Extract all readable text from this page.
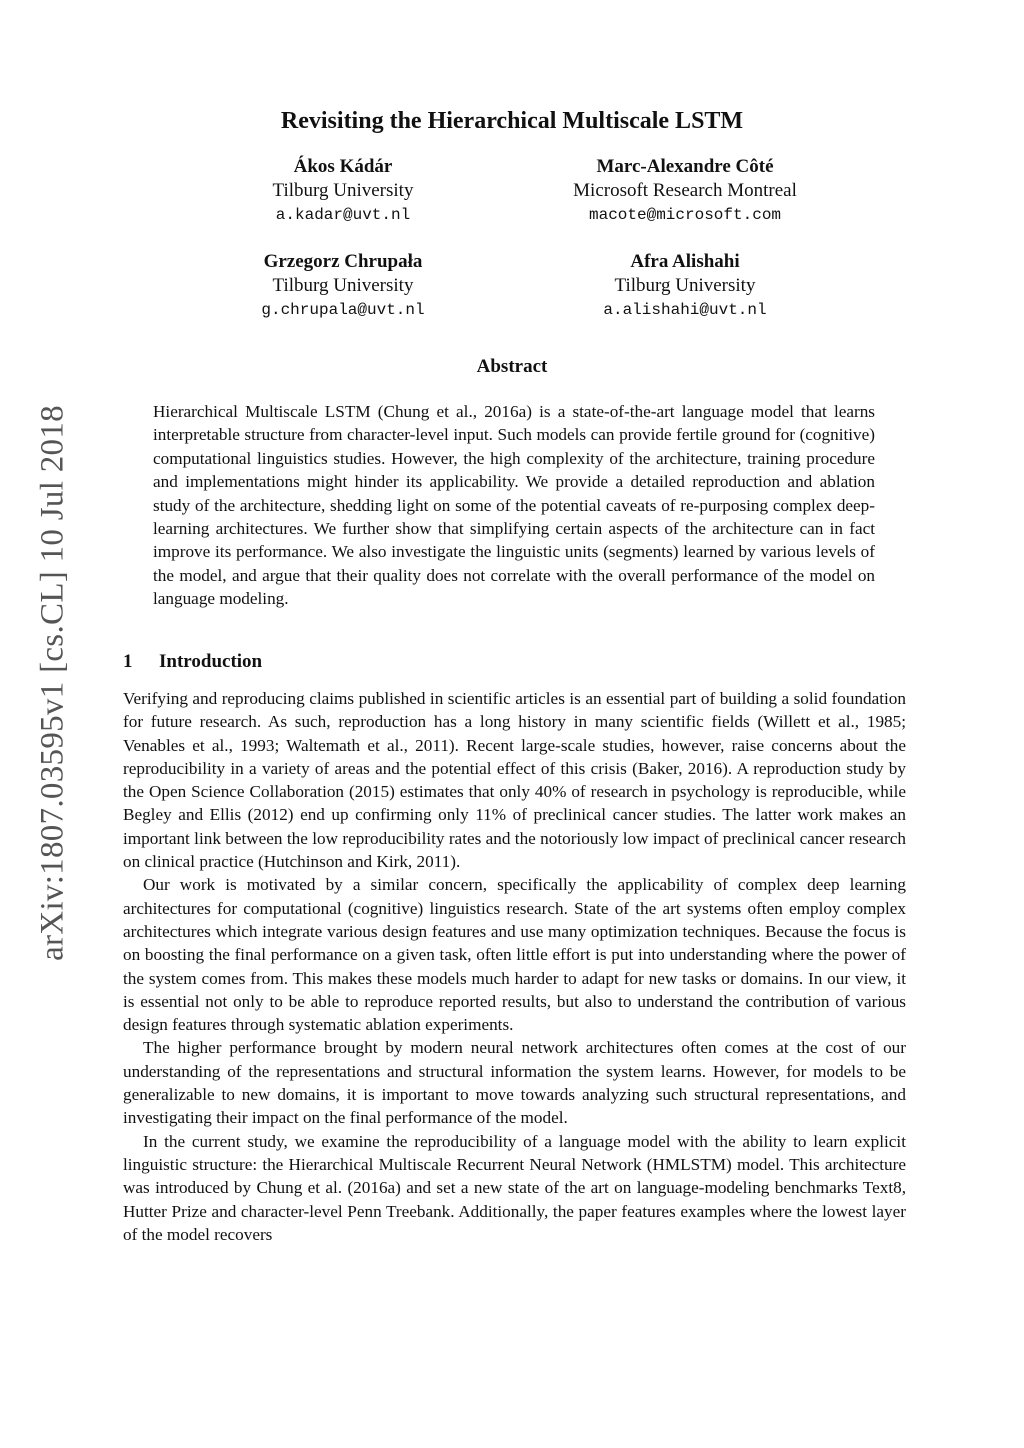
arXiv:1807.03595v1 [cs.CL] 10 Jul 2018
Revisiting the Hierarchical Multiscale LSTM
Ákos Kádár
Tilburg University
a.kadar@uvt.nl
Marc-Alexandre Côté
Microsoft Research Montreal
macote@microsoft.com
Grzegorz Chrupała
Tilburg University
g.chrupala@uvt.nl
Afra Alishahi
Tilburg University
a.alishahi@uvt.nl
Abstract

Hierarchical Multiscale LSTM (Chung et al., 2016a) is a state-of-the-art language model that learns interpretable structure from character-level input. Such models can provide fertile ground for (cognitive) computational linguistics studies. However, the high complexity of the architecture, training procedure and implementations might hinder its applicability. We provide a detailed reproduction and ablation study of the architecture, shedding light on some of the potential caveats of re-purposing complex deep-learning architectures. We further show that simplifying certain aspects of the architecture can in fact improve its performance. We also investigate the linguistic units (segments) learned by various levels of the model, and argue that their quality does not correlate with the overall performance of the model on language modeling.

1 Introduction

Verifying and reproducing claims published in scientific articles is an essential part of building a solid foundation for future research. As such, reproduction has a long history in many scientific fields (Willett et al., 1985; Venables et al., 1993; Waltemath et al., 2011). Recent large-scale studies, however, raise concerns about the reproducibility in a variety of areas and the potential effect of this crisis (Baker, 2016). A reproduction study by the Open Science Collaboration (2015) estimates that only 40% of research in psychology is reproducible, while Begley and Ellis (2012) end up confirming only 11% of preclinical cancer studies. The latter work makes an important link between the low reproducibility rates and the notoriously low impact of preclinical cancer research on clinical practice (Hutchinson and Kirk, 2011).

Our work is motivated by a similar concern, specifically the applicability of complex deep learning architectures for computational (cognitive) linguistics research. State of the art systems often employ complex architectures which integrate various design features and use many optimization techniques. Because the focus is on boosting the final performance on a given task, often little effort is put into understanding where the power of the system comes from. This makes these models much harder to adapt for new tasks or domains. In our view, it is essential not only to be able to reproduce reported results, but also to understand the contribution of various design features through systematic ablation experiments.

The higher performance brought by modern neural network architectures often comes at the cost of our understanding of the representations and structural information the system learns. However, for models to be generalizable to new domains, it is important to move towards analyzing such structural representations, and investigating their impact on the final performance of the model.

In the current study, we examine the reproducibility of a language model with the ability to learn explicit linguistic structure: the Hierarchical Multiscale Recurrent Neural Network (HMLSTM) model. This architecture was introduced by Chung et al. (2016a) and set a new state of the art on language-modeling benchmarks Text8, Hutter Prize and character-level Penn Treebank. Additionally, the paper features examples where the lowest layer of the model recovers
